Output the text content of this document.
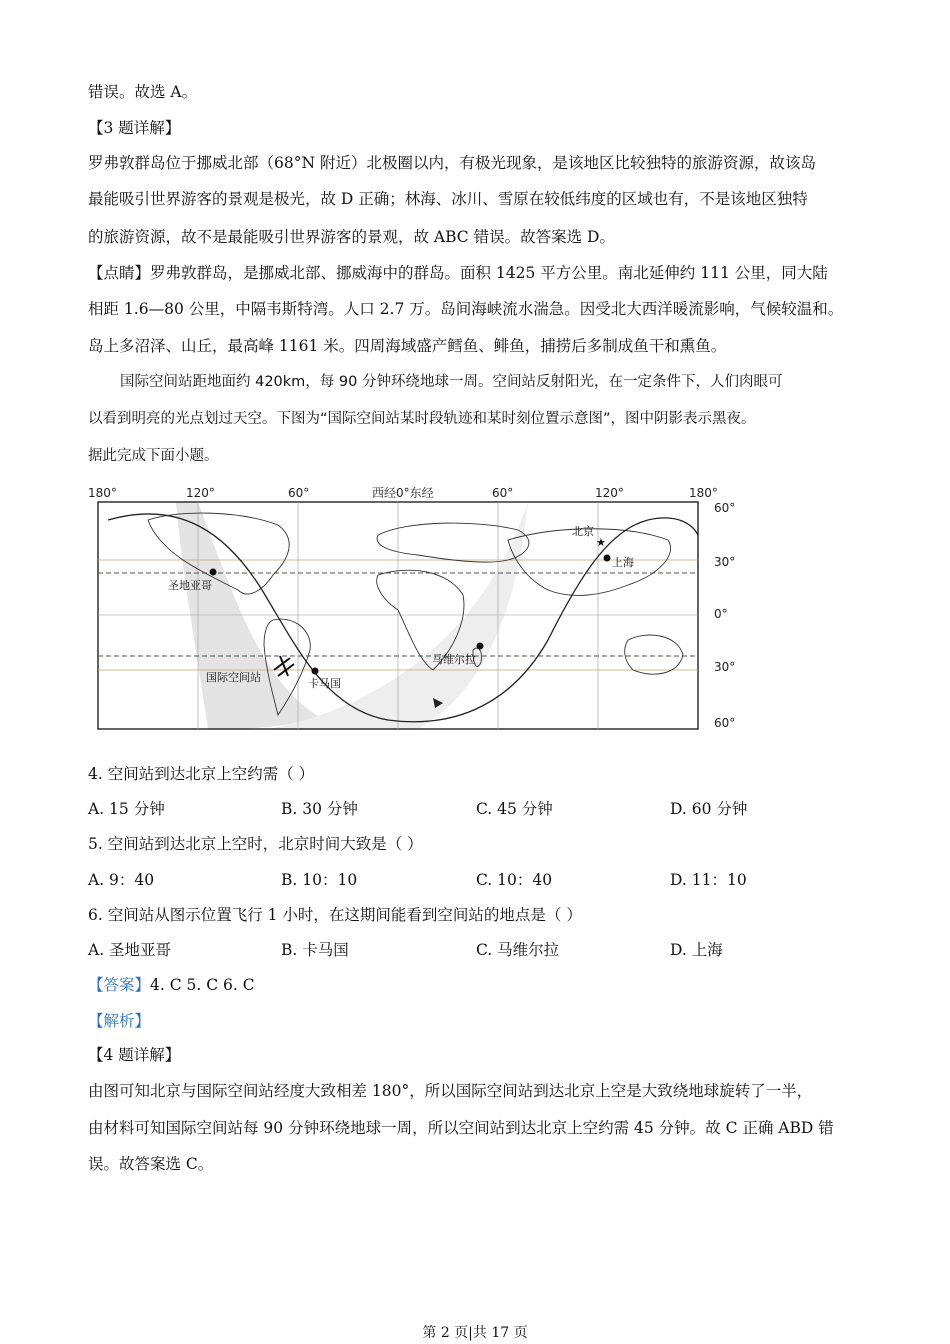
错误。故选 A。
【3 题详解】
罗弗敦群岛位于挪威北部（68°N 附近）北极圈以内，有极光现象，是该地区比较独特的旅游资源，故该岛
最能吸引世界游客的景观是极光，故 D 正确；林海、冰川、雪原在较低纬度的区域也有，不是该地区独特
的旅游资源，故不是最能吸引世界游客的景观，故 ABC 错误。故答案选 D。
【点睛】罗弗敦群岛，是挪威北部、挪威海中的群岛。面积 1425 平方公里。南北延伸约 111 公里，同大陆
相距 1.6—80 公里，中隔韦斯特湾。人口 2.7 万。岛间海峡流水湍急。因受北大西洋暖流影响，气候较温和。
岛上多沼泽、山丘，最高峰 1161 米。四周海域盛产鳕鱼、鲱鱼，捕捞后多制成鱼干和熏鱼。
国际空间站距地面约 420km，每 90 分钟环绕地球一周。空间站反射阳光，在一定条件下，人们肉眼可
以看到明亮的光点划过天空。下图为“国际空间站某时段轨迹和某时刻位置示意图”，图中阴影表示黑夜。
据此完成下面小题。
180°	120°	60°	西经0°东经	60°	120°	180°
60°
30°
0°
30°
60°
★
北京
上海
圣地亚哥
马维尔拉
国际空间站	卡马国
4. 空间站到达北京上空约需（ ）
A. 15 分钟	B. 30 分钟	C. 45 分钟	D. 60 分钟
5. 空间站到达北京上空时，北京时间大致是（ ）
A. 9：40	B. 10：10	C. 10：40	D. 11：10
6. 空间站从图示位置飞行 1 小时，在这期间能看到空间站的地点是（ ）
A. 圣地亚哥	B. 卡马国	C. 马维尔拉	D. 上海
【答案】4. C 5. C 6. C
【解析】
【4 题详解】
由图可知北京与国际空间站经度大致相差 180°，所以国际空间站到达北京上空是大致绕地球旋转了一半，
由材料可知国际空间站每 90 分钟环绕地球一周，所以空间站到达北京上空约需 45 分钟。故 C 正确 ABD 错
误。故答案选 C。
第 2 页|共 17 页
